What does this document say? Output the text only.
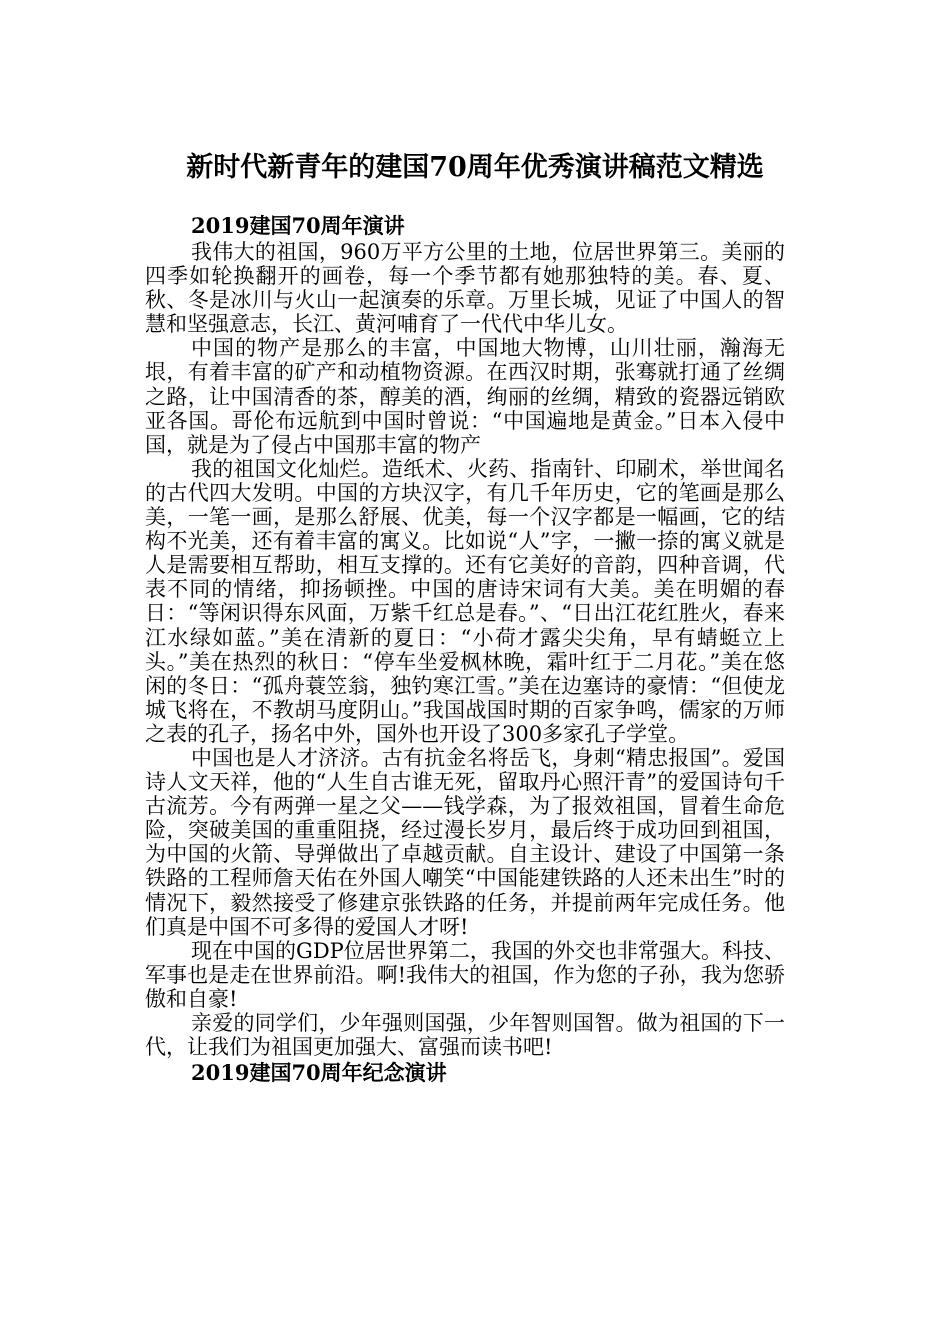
新时代新青年的建国70周年优秀演讲稿范文精选

2019建国70周年演讲

我伟大的祖国，960万平方公里的土地，位居世界第三。美丽的四季如轮换翻开的画卷，每一个季节都有她那独特的美。春、夏、秋、冬是冰川与火山一起演奏的乐章。万里长城，见证了中国人的智慧和坚强意志，长江、黄河哺育了一代代中华儿女。

中国的物产是那么的丰富，中国地大物博，山川壮丽，瀚海无垠，有着丰富的矿产和动植物资源。在西汉时期，张骞就打通了丝绸之路，让中国清香的茶，醇美的酒，绚丽的丝绸，精致的瓷器远销欧亚各国。哥伦布远航到中国时曾说：“中国遍地是黄金。”日本入侵中国，就是为了侵占中国那丰富的物产

我的祖国文化灿烂。造纸术、火药、指南针、印刷术，举世闻名的古代四大发明。中国的方块汉字，有几千年历史，它的笔画是那么美，一笔一画，是那么舒展、优美，每一个汉字都是一幅画，它的结构不光美，还有着丰富的寓义。比如说“人”字，一撇一捺的寓义就是人是需要相互帮助，相互支撑的。还有它美好的音韵，四种音调，代表不同的情绪，抑扬顿挫。中国的唐诗宋词有大美。美在明媚的春日：“等闲识得东风面，万紫千红总是春。”、“日出江花红胜火，春来江水绿如蓝。”美在清新的夏日：“小荷才露尖尖角，早有蜻蜓立上头。”美在热烈的秋日：“停车坐爱枫林晚，霜叶红于二月花。”美在悠闲的冬日：“孤舟蓑笠翁，独钓寒江雪。”美在边塞诗的豪情：“但使龙城飞将在，不教胡马度阴山。”我国战国时期的百家争鸣，儒家的万师之表的孔子，扬名中外，国外也开设了300多家孔子学堂。

中国也是人才济济。古有抗金名将岳飞，身刺“精忠报国”。爱国诗人文天祥，他的“人生自古谁无死，留取丹心照汗青”的爱国诗句千古流芳。今有两弹一星之父——钱学森，为了报效祖国，冒着生命危险，突破美国的重重阻挠，经过漫长岁月，最后终于成功回到祖国，为中国的火箭、导弹做出了卓越贡献。自主设计、建设了中国第一条铁路的工程师詹天佑在外国人嘲笑“中国能建铁路的人还未出生”时的情况下，毅然接受了修建京张铁路的任务，并提前两年完成任务。他们真是中国不可多得的爱国人才呀!

现在中国的GDP位居世界第二，我国的外交也非常强大。科技、军事也是走在世界前沿。啊!我伟大的祖国，作为您的子孙，我为您骄傲和自豪!

亲爱的同学们，少年强则国强，少年智则国智。做为祖国的下一代，让我们为祖国更加强大、富强而读书吧!

2019建国70周年纪念演讲
